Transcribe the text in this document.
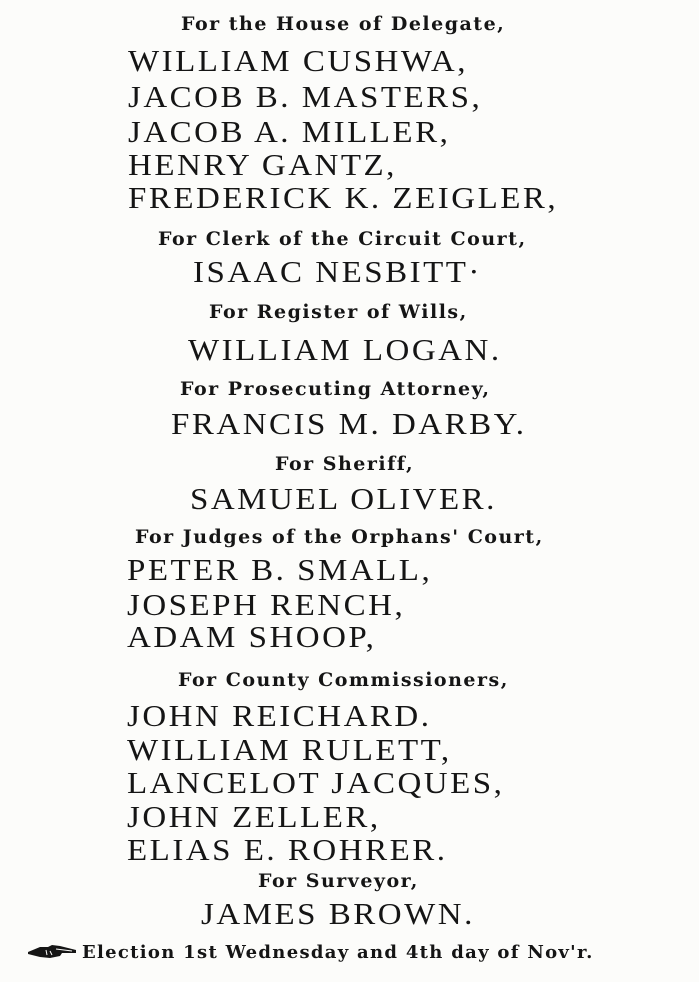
For the House of Delegate,
WILLIAM CUSHWA,
JACOB B. MASTERS,
JACOB A. MILLER,
HENRY GANTZ,
FREDERICK K. ZEIGLER,
For Clerk of the Circuit Court,
ISAAC NESBITT·
For Register of Wills,
WILLIAM LOGAN.
For Prosecuting Attorney,
FRANCIS M. DARBY.
For Sheriff,
SAMUEL OLIVER.
For Judges of the Orphans' Court,
PETER B. SMALL,
JOSEPH RENCH,
ADAM SHOOP,
For County Commissioners,
JOHN REICHARD.
WILLIAM RULETT,
LANCELOT JACQUES,
JOHN ZELLER,
ELIAS E. ROHRER.
For Surveyor,
JAMES BROWN.
Election 1st Wednesday and 4th day of Nov'r.
